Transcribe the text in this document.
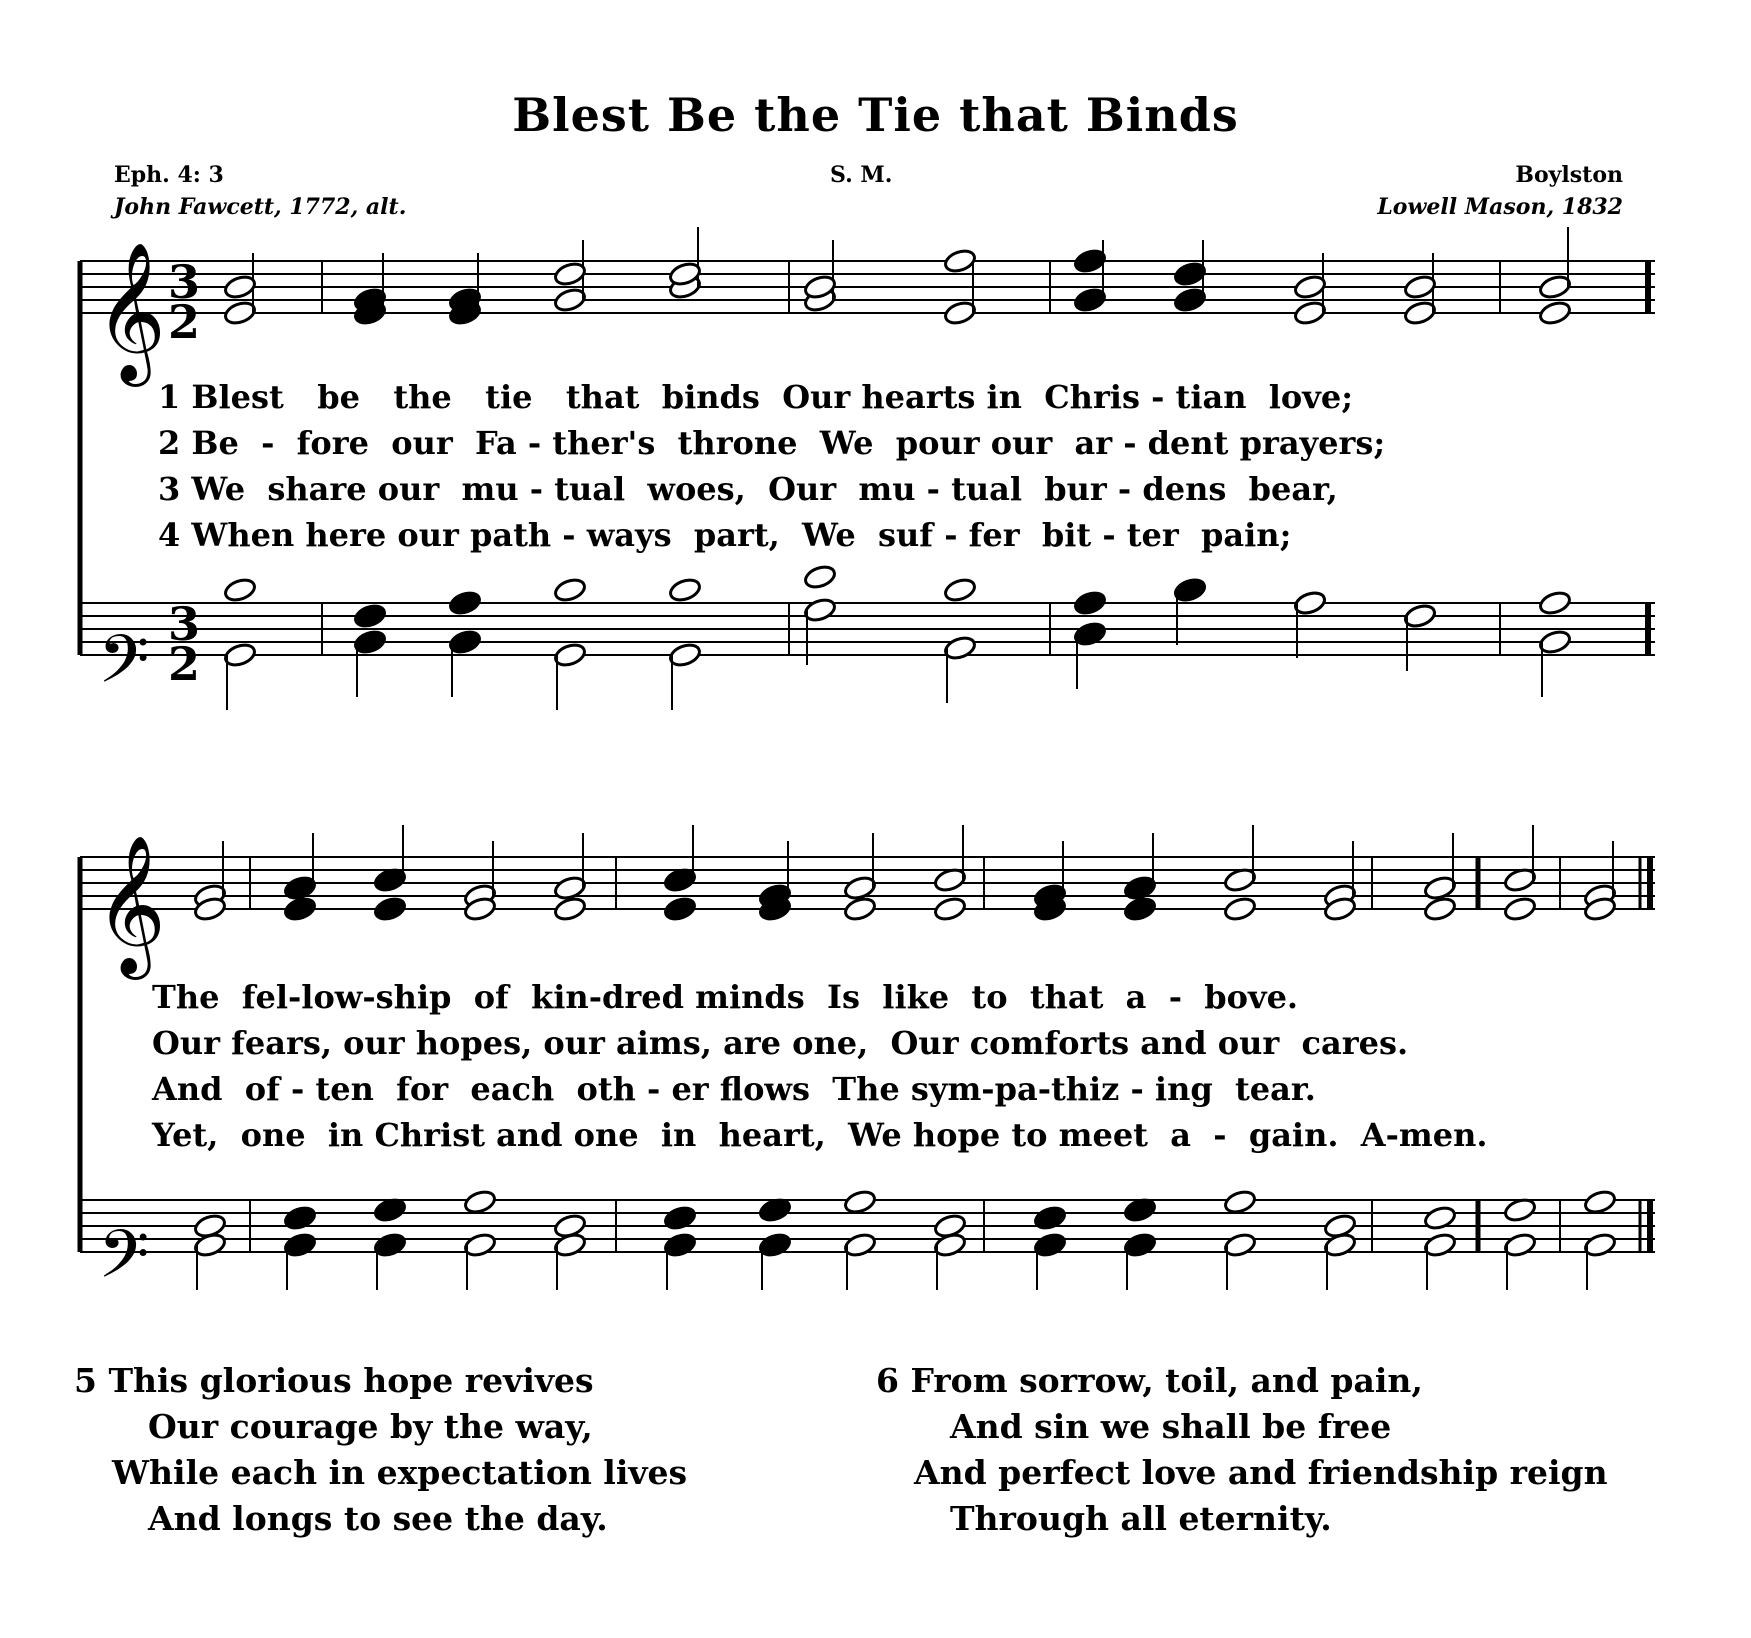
Blest Be the Tie that Binds
Eph. 4: 3
John Fawcett, 1772, alt.
S. M.	Boylston
Lowell Mason, 1832
𝄞
𝄢
𝄞
𝄢
3
2
3
2
1 Blest   be   the   tie   that  binds  Our hearts in  Chris - tian  love;
2 Be  -  fore  our  Fa - ther's  throne  We  pour our  ar - dent prayers;
3 We  share our  mu - tual  woes,  Our  mu - tual  bur - dens  bear,
4 When here our path - ways  part,  We  suf - fer  bit - ter  pain;
The  fel-low-ship  of  kin-dred minds  Is  like  to  that  a  -  bove.
Our fears, our hopes, our aims, are one,  Our comforts and our  cares.
And  of - ten  for  each  oth - er flows  The sym-pa-thiz - ing  tear.
Yet,  one  in Christ and one  in  heart,  We hope to meet  a  -  gain.  A-men.
5 This glorious hope revives
Our courage by the way,
While each in expectation lives
And longs to see the day.
6 From sorrow, toil, and pain,
And sin we shall be free
And perfect love and friendship reign
Through all eternity.
